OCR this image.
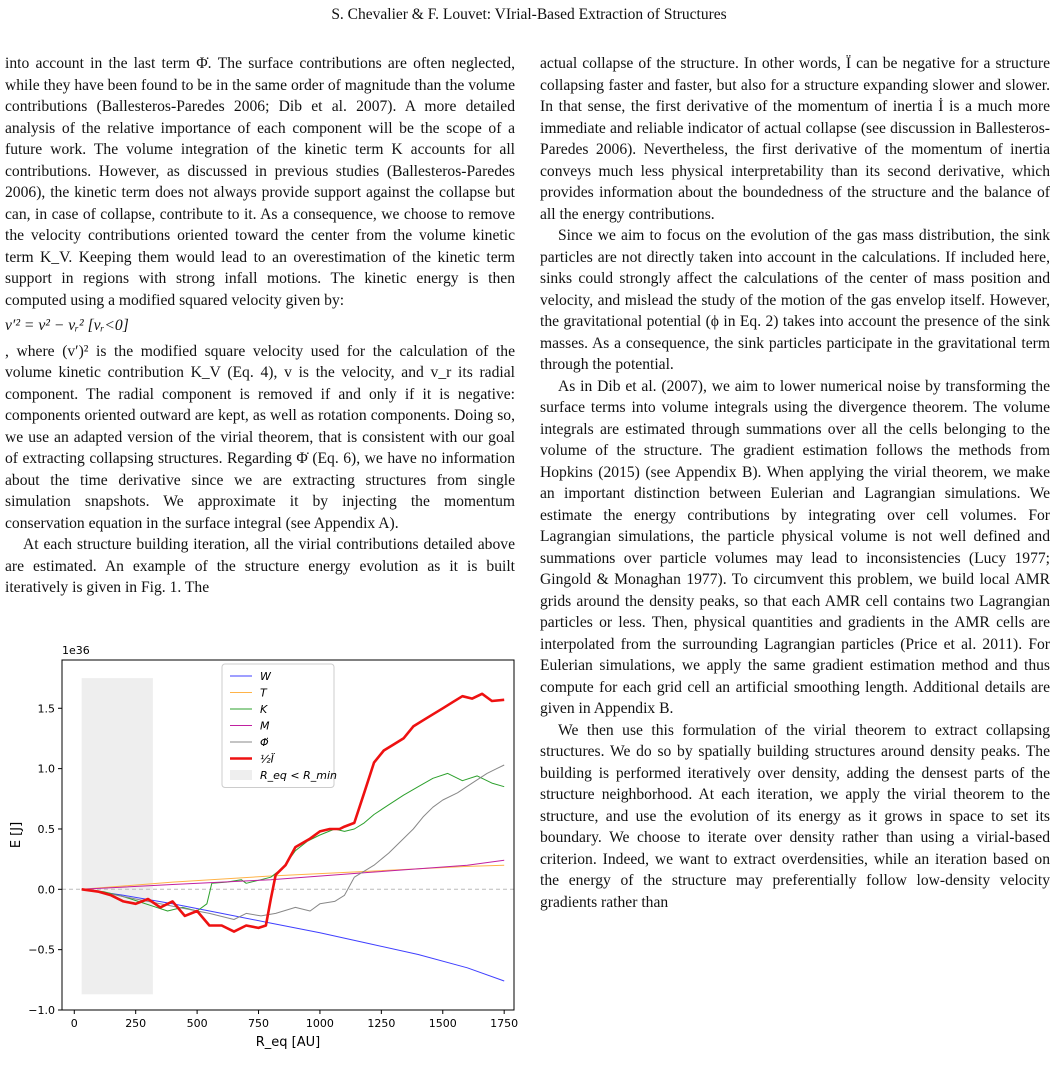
S. Chevalier & F. Louvet: VIrial-Based Extraction of Structures

into account in the last term Φ̇. The surface contributions are often neglected, while they have been found to be in the same order of magnitude than the volume contributions (Ballesteros-Paredes 2006; Dib et al. 2007). A more detailed analysis of the relative importance of each component will be the scope of a future work. The volume integration of the kinetic term K accounts for all contributions. However, as discussed in previous studies (Ballesteros-Paredes 2006), the kinetic term does not always provide support against the collapse but can, in case of collapse, contribute to it. As a consequence, we choose to remove the velocity contributions oriented toward the center from the volume kinetic term K_V. Keeping them would lead to an overestimation of the kinetic term support in regions with strong infall motions. The kinetic energy is then computed using a modified squared velocity given by:

v′² = v² − vᵣ² [vᵣ<0]

, where (v′)² is the modified square velocity used for the calculation of the volume kinetic contribution K_V (Eq. 4), v is the velocity, and v_r its radial component. The radial component is removed if and only if it is negative: components oriented outward are kept, as well as rotation components. Doing so, we use an adapted version of the virial theorem, that is consistent with our goal of extracting collapsing structures. Regarding Φ̇ (Eq. 6), we have no information about the time derivative since we are extracting structures from single simulation snapshots. We approximate it by injecting the momentum conservation equation in the surface integral (see Appendix A).

At each structure building iteration, all the virial contributions detailed above are estimated. An example of the structure energy evolution as it is built iteratively is given in Fig. 1. The

actual collapse of the structure. In other words, Ï can be negative for a structure collapsing faster and faster, but also for a structure expanding slower and slower. In that sense, the first derivative of the momentum of inertia İ is a much more immediate and reliable indicator of actual collapse (see discussion in Ballesteros-Paredes 2006). Nevertheless, the first derivative of the momentum of inertia conveys much less physical interpretability than its second derivative, which provides information about the boundedness of the structure and the balance of all the energy contributions.

Since we aim to focus on the evolution of the gas mass distribution, the sink particles are not directly taken into account in the calculations. If included here, sinks could strongly affect the calculations of the center of mass position and velocity, and mislead the study of the motion of the gas envelop itself. However, the gravitational potential (ϕ in Eq. 2) takes into account the presence of the sink masses. As a consequence, the sink particles participate in the gravitational term through the potential.

As in Dib et al. (2007), we aim to lower numerical noise by transforming the surface terms into volume integrals using the divergence theorem. The volume integrals are estimated through summations over all the cells belonging to the volume of the structure. The gradient estimation follows the methods from Hopkins (2015) (see Appendix B). When applying the virial theorem, we make an important distinction between Eulerian and Lagrangian simulations. We estimate the energy contributions by integrating over cell volumes. For Lagrangian simulations, the particle physical volume is not well defined and summations over particle volumes may lead to inconsistencies (Lucy 1977; Gingold & Monaghan 1977). To circumvent this problem, we build local AMR grids around the density peaks, so that each AMR cell contains two Lagrangian particles or less. Then, physical quantities and gradients in the AMR cells are interpolated from the surrounding Lagrangian particles (Price et al. 2011). For Eulerian simulations, we apply the same gradient estimation method and thus compute for each grid cell an artificial smoothing length. Additional details are given in Appendix B.

We then use this formulation of the virial theorem to extract collapsing structures. We do so by spatially building structures around density peaks. The building is performed iteratively over density, adding the densest parts of the structure neighborhood. At each iteration, we apply the virial theorem to the structure, and use the evolution of its energy as it grows in space to set its boundary. We choose to iterate over density rather than using a virial-based criterion. Indeed, we want to extract overdensities, while an iteration based on the energy of the structure may preferentially follow low-density velocity gradients rather than

0	250	500	750	1000	1250	1500	1750
−1.0
−0.5
0.0
0.5
1.0
1.5
1e36
R_eq [AU]
E [J]
W
T
K
M
Φ̇
½Ï
R_eq < R_min
